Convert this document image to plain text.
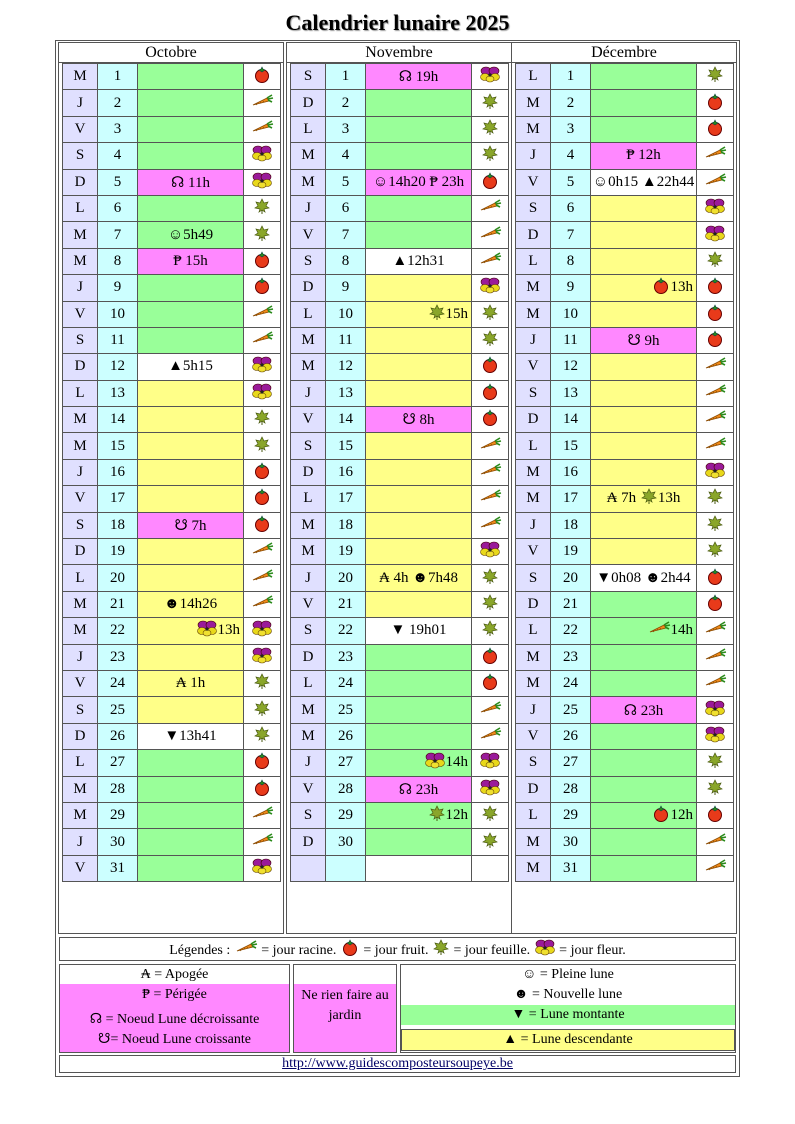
Calendrier lunaire 2025
Octobre
M	1		
J	2		
V	3		
S	4		
D	5	☊ 11h	
L	6		
M	7	☺5h49	
M	8	₱ 15h	
J	9		
V	10		
S	11		
D	12	▲5h15	
L	13		
M	14		
M	15		
J	16		
V	17		
S	18	☋ 7h	
D	19		
L	20		
M	21	☻14h26	
M	22	13h	
J	23		
V	24	₳ 1h	
S	25		
D	26	▼13h41	
L	27		
M	28		
M	29		
J	30		
V	31		
Novembre
S	1	☊ 19h	
D	2		
L	3		
M	4		
M	5	☺14h20 ₱ 23h	
J	6		
V	7		
S	8	▲12h31	
D	9		
L	10	15h	
M	11		
M	12		
J	13		
V	14	☋ 8h	
S	15		
D	16		
L	17		
M	18		
M	19		
J	20	₳ 4h ☻7h48	
V	21		
S	22	▼ 19h01	
D	23		
L	24		
M	25		
M	26		
J	27	14h	
V	28	☊ 23h	
S	29	12h	
D	30		

Décembre
L	1		
M	2		
M	3		
J	4	₱ 12h	
V	5	☺0h15 ▲22h44	
S	6		
D	7		
L	8		
M	9	13h	
M	10		
J	11	☋ 9h	
V	12		
S	13		
D	14		
L	15		
M	16		
M	17	₳ 7h 13h	
J	18		
V	19		
S	20	▼0h08 ☻2h44	
D	21		
L	22	14h	
M	23		
M	24		
J	25	☊ 23h	
V	26		
S	27		
D	28		
L	29	12h	
M	30		
M	31		
Légendes : = jour racine. = jour fruit. = jour feuille. = jour fleur.
₳ = Apogée
₱ = Périgée
☊ = Noeud Lune décroissante
☋= Noeud Lune croissante
Ne rien faire au jardin
☺ = Pleine lune
☻ = Nouvelle lune
▼ = Lune montante
▲ = Lune descendante
http://www.guidescomposteursoupeye.be
